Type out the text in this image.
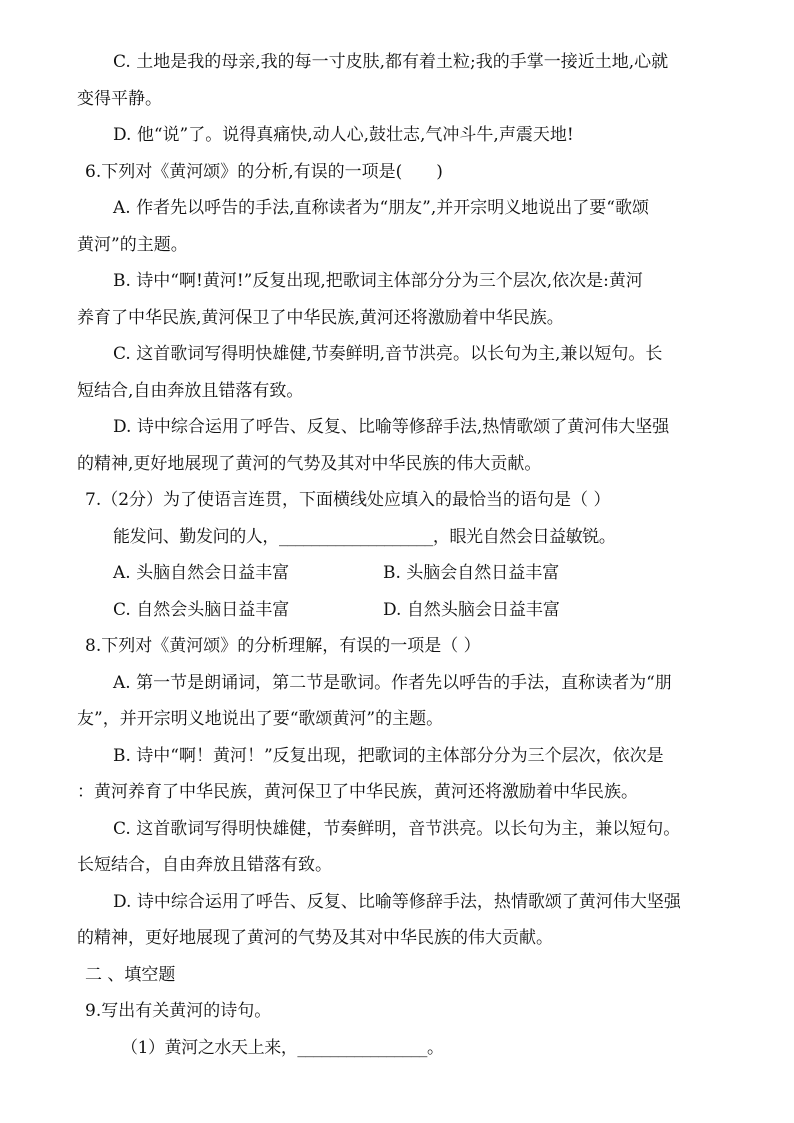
C. 土地是我的母亲,我的每一寸皮肤,都有着土粒;我的手掌一接近土地,心就
变得平静。
D. 他“说”了。说得真痛快,动人心,鼓壮志,气冲斗牛,声震天地!
6.下列对《黄河颂》的分析,有误的一项是(　　)
A. 作者先以呼告的手法,直称读者为“朋友”,并开宗明义地说出了要“歌颂
黄河”的主题。
B. 诗中“啊!黄河!”反复出现,把歌词主体部分分为三个层次,依次是:黄河
养育了中华民族,黄河保卫了中华民族,黄河还将激励着中华民族。
C. 这首歌词写得明快雄健,节奏鲜明,音节洪亮。以长句为主,兼以短句。长
短结合,自由奔放且错落有致。
D. 诗中综合运用了呼告、反复、比喻等修辞手法,热情歌颂了黄河伟大坚强
的精神,更好地展现了黄河的气势及其对中华民族的伟大贡献。
7.（2分）为了使语言连贯，下面横线处应填入的最恰当的语句是（ ）
能发问、勤发问的人，___________________，眼光自然会日益敏锐。
A. 头脑自然会日益丰富	B. 头脑会自然日益丰富
C. 自然会头脑日益丰富	D. 自然头脑会日益丰富
8.下列对《黄河颂》的分析理解，有误的一项是（ ）
A. 第一节是朗诵词，第二节是歌词。作者先以呼告的手法，直称读者为“朋
友”，并开宗明义地说出了要“歌颂黄河”的主题。
B. 诗中“啊！黄河！”反复出现，把歌词的主体部分分为三个层次，依次是
：黄河养育了中华民族，黄河保卫了中华民族，黄河还将激励着中华民族。
C. 这首歌词写得明快雄健，节奏鲜明，音节洪亮。以长句为主，兼以短句。
长短结合，自由奔放且错落有致。
D. 诗中综合运用了呼告、反复、比喻等修辞手法，热情歌颂了黄河伟大坚强
的精神，更好地展现了黄河的气势及其对中华民族的伟大贡献。
二 、填空题
9.写出有关黄河的诗句。
（1）黄河之水天上来，________________。
